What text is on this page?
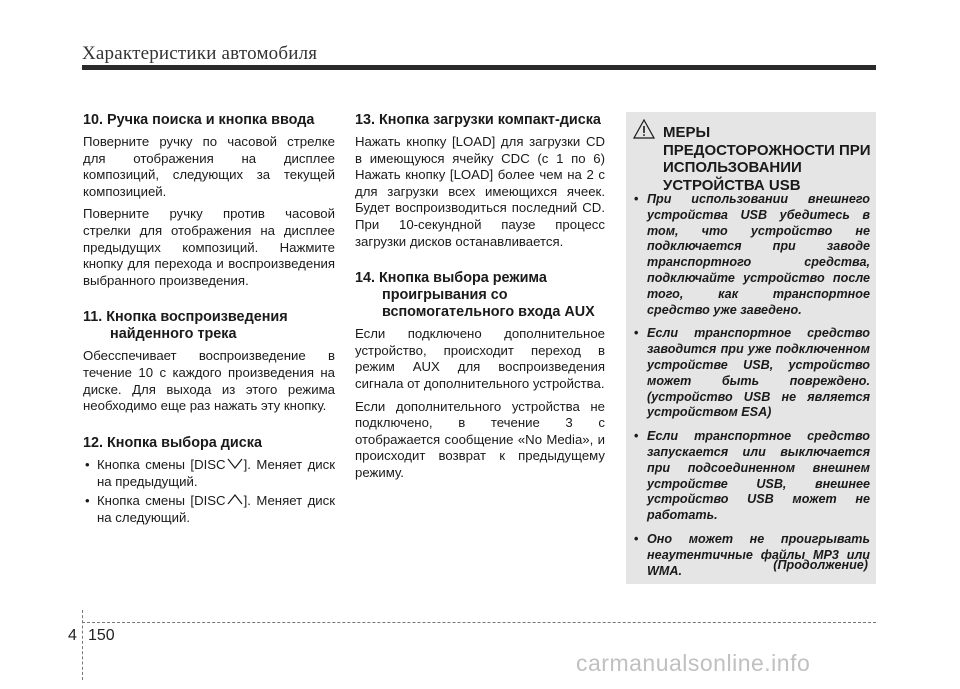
Характеристики автомобиля
10. Ручка поиска и кнопка ввода
Поверните ручку по часовой стрелке для отображения на дисплее композиций, следующих за текущей композицией.
Поверните ручку против часовой стрелки для отображения на дисплее предыдущих композиций. Нажмите кнопку для перехода и воспроизведения выбранного произведения.
11. Кнопка воспроизведения найденного трека
Обесcпечивает воспроизведение в течение 10 с каждого произведения на диске. Для выхода из этого режима необходимо еще раз нажать эту кнопку.
12. Кнопка выбора диска
• Кнопка смены [DISC ]. Меняет диск на предыдущий.
• Кнопка смены [DISC ]. Меняет диск на следующий.
13. Кнопка загрузки компакт-диска
Нажать кнопку [LOAD] для загрузки CD в имеющуюся ячейку CDC (с 1 по 6) Нажать кнопку [LOAD] более чем на 2 с для загрузки всех имеющихся ячеек. Будет воспроизводиться последний CD. При 10-секундной паузе процесс загрузки дисков останавливается.
14. Кнопка выбора режима проигрывания со вспомогательного входа AUX
Если подключено дополнительное устройство, происходит переход в режим AUX для воспроизведения сигнала от дополнительного устройства.
Если дополнительного устройства не подключено, в течение 3 с отображается сообщение «No Media», и происходит возврат к предыдущему режиму.
МЕРЫ ПРЕДОСТОРОЖНОСТИ ПРИ ИСПОЛЬЗОВАНИИ УСТРОЙСТВА USB
• При использовании внешнего устройства USB убедитесь в том, что устройство не подключается при заводе транспортного средства, подключайте устройство после того, как транспортное средство уже заведено.
• Если транспортное средство заводится при уже подключенном устройстве USB, устройство может быть повреждено. (устройство USB не является устройством ESA)
• Если транспортное средство запускается или выключается при подсоединенном внешнем устройстве USB, внешнее устройство USB может не работать.
• Оно может не проигрывать неаутентичные файлы MP3 или WMA.	(Продолжение)
4 150
carmanualsonline.info
